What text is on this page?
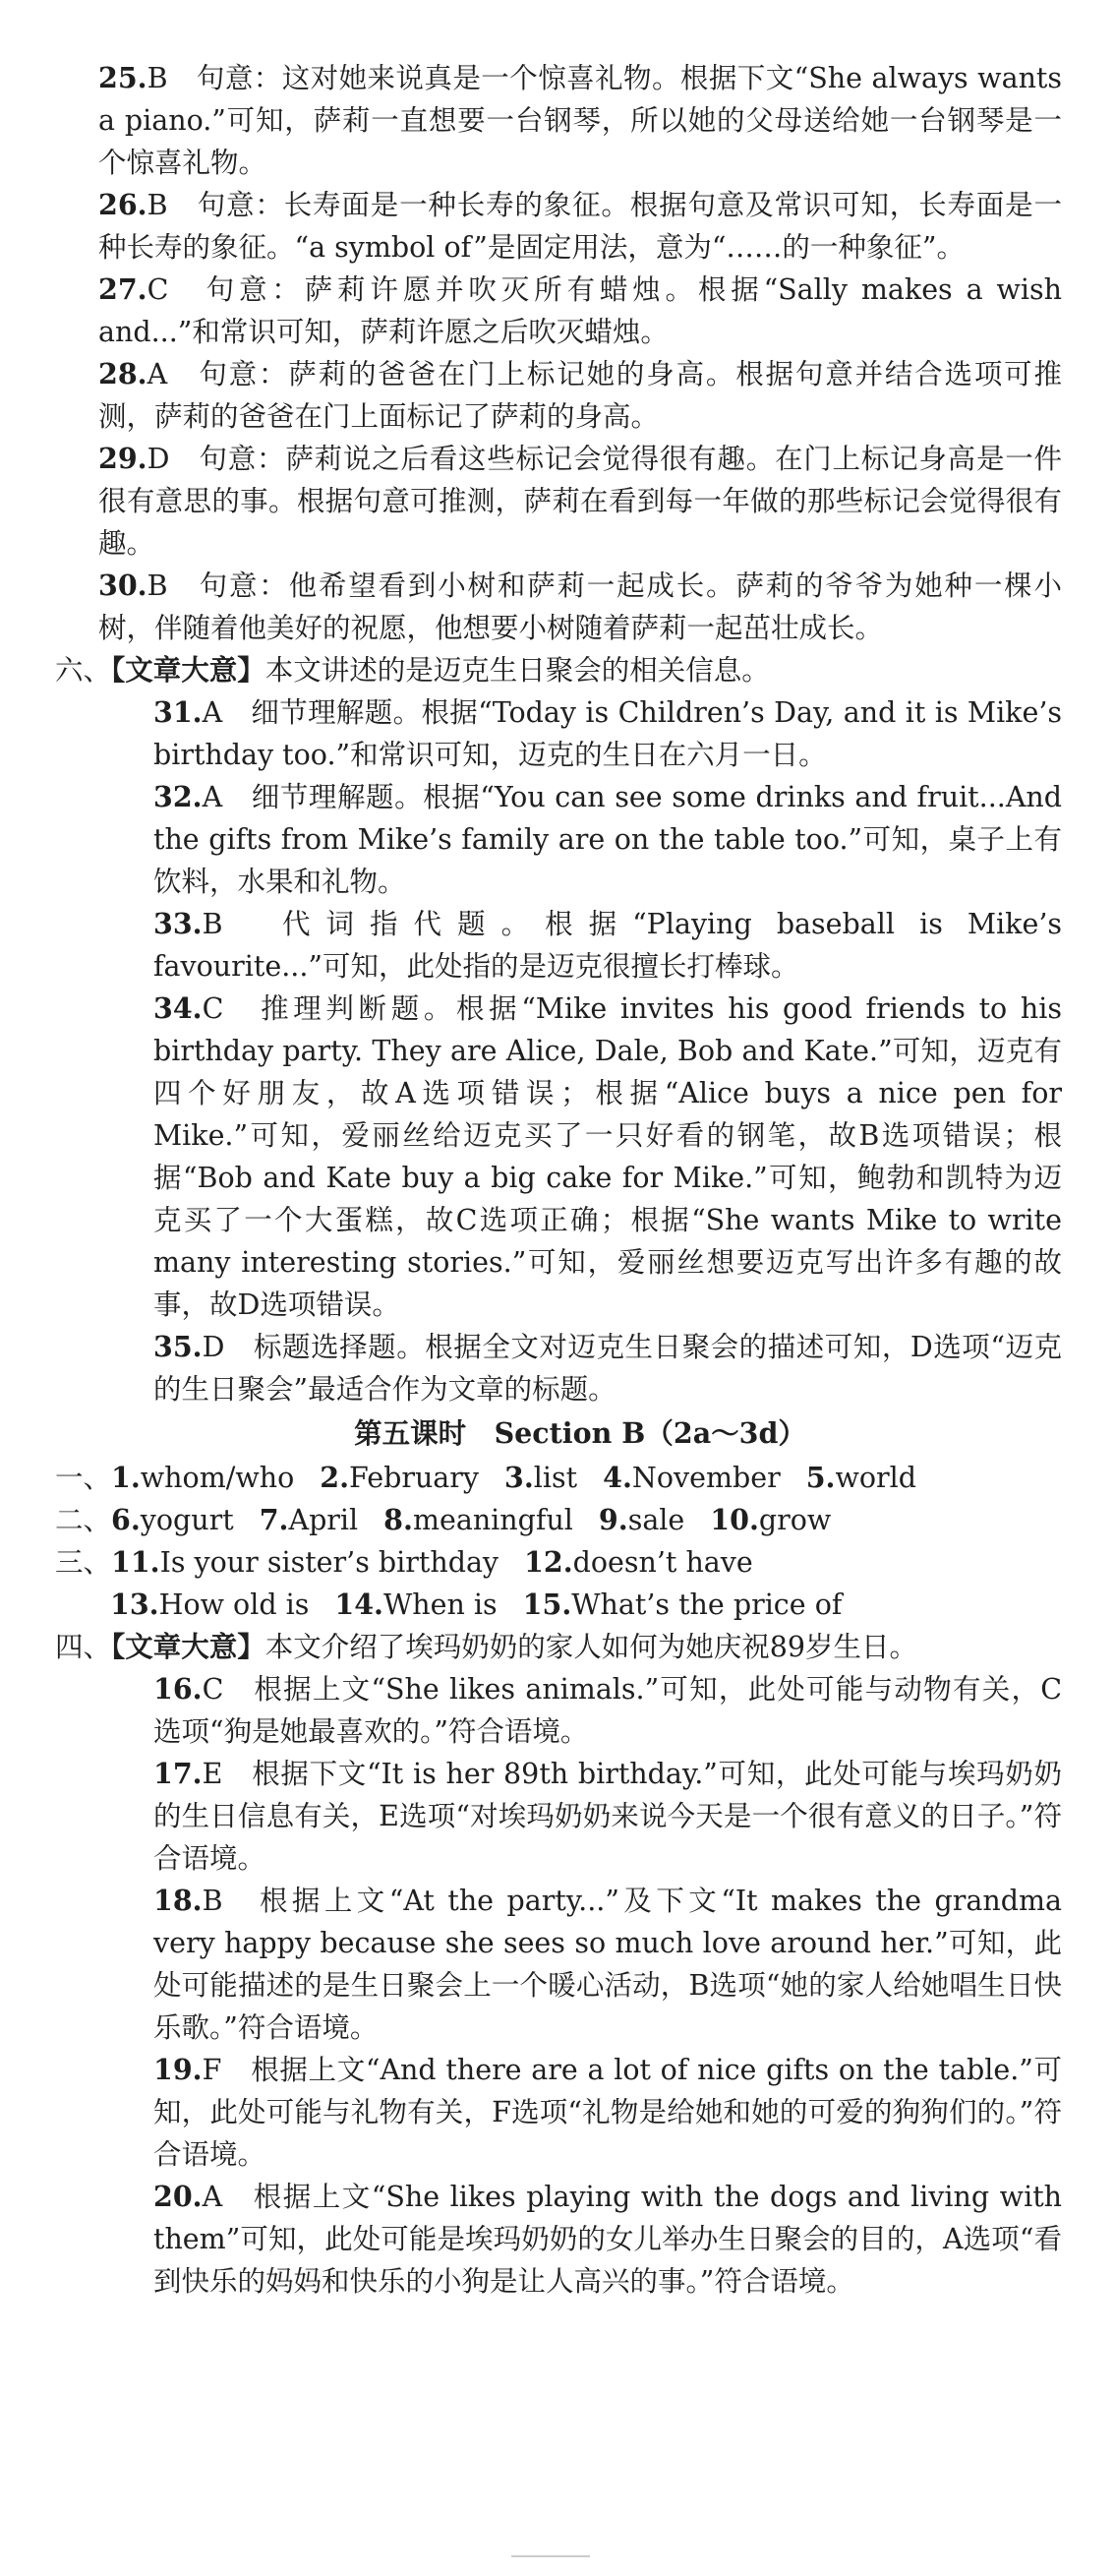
25.B　句意：这对她来说真是一个惊喜礼物。根据下文“She always wants a piano.”可知，萨莉一直想要一台钢琴，所以她的父母送给她一台钢琴是一个惊喜礼物。

26.B　句意：长寿面是一种长寿的象征。根据句意及常识可知，长寿面是一种长寿的象征。“a symbol of”是固定用法，意为“……的一种象征”。

27.C　句意：萨莉许愿并吹灭所有蜡烛。根据“Sally makes a wish and...”和常识可知，萨莉许愿之后吹灭蜡烛。

28.A　句意：萨莉的爸爸在门上标记她的身高。根据句意并结合选项可推测，萨莉的爸爸在门上面标记了萨莉的身高。

29.D　句意：萨莉说之后看这些标记会觉得很有趣。在门上标记身高是一件很有意思的事。根据句意可推测，萨莉在看到每一年做的那些标记会觉得很有趣。

30.B　句意：他希望看到小树和萨莉一起成长。萨莉的爷爷为她种一棵小树，伴随着他美好的祝愿，他想要小树随着萨莉一起茁壮成长。

六、【文章大意】本文讲述的是迈克生日聚会的相关信息。

31.A　细节理解题。根据“Today is Children’s Day, and it is Mike’s birthday too.”和常识可知，迈克的生日在六月一日。

32.A　细节理解题。根据“You can see some drinks and fruit...And the gifts from Mike’s family are on the table too.”可知，桌子上有饮料，水果和礼物。

33.B　代词指代题。根据“Playing baseball is Mike’s favourite...”可知，此处指的是迈克很擅长打棒球。

34.C　推理判断题。根据“Mike invites his good friends to his birthday party. They are Alice, Dale, Bob and Kate.”可知，迈克有四个好朋友，故A选项错误；根据“Alice buys a nice pen for Mike.”可知，爱丽丝给迈克买了一只好看的钢笔，故B选项错误；根据“Bob and Kate buy a big cake for Mike.”可知，鲍勃和凯特为迈克买了一个大蛋糕，故C选项正确；根据“She wants Mike to write many interesting stories.”可知，爱丽丝想要迈克写出许多有趣的故事，故D选项错误。

35.D　标题选择题。根据全文对迈克生日聚会的描述可知，D选项“迈克的生日聚会”最适合作为文章的标题。

第五课时　Section B（2a～3d）

一、1.whom/who 2.February 3.list 4.November 5.world

二、6.yogurt 7.April 8.meaningful 9.sale 10.grow

三、11.Is your sister’s birthday 12.doesn’t have

13.How old is 14.When is 15.What’s the price of

四、【文章大意】本文介绍了埃玛奶奶的家人如何为她庆祝89岁生日。

16.C　根据上文“She likes animals.”可知，此处可能与动物有关，C选项“狗是她最喜欢的。”符合语境。

17.E　根据下文“It is her 89th birthday.”可知，此处可能与埃玛奶奶的生日信息有关，E选项“对埃玛奶奶来说今天是一个很有意义的日子。”符合语境。

18.B　根据上文“At the party...”及下文“It makes the grandma very happy because she sees so much love around her.”可知，此处可能描述的是生日聚会上一个暖心活动，B选项“她的家人给她唱生日快乐歌。”符合语境。

19.F　根据上文“And there are a lot of nice gifts on the table.”可知，此处可能与礼物有关，F选项“礼物是给她和她的可爱的狗狗们的。”符合语境。

20.A　根据上文“She likes playing with the dogs and living with them”可知，此处可能是埃玛奶奶的女儿举办生日聚会的目的，A选项“看到快乐的妈妈和快乐的小狗是让人高兴的事。”符合语境。
